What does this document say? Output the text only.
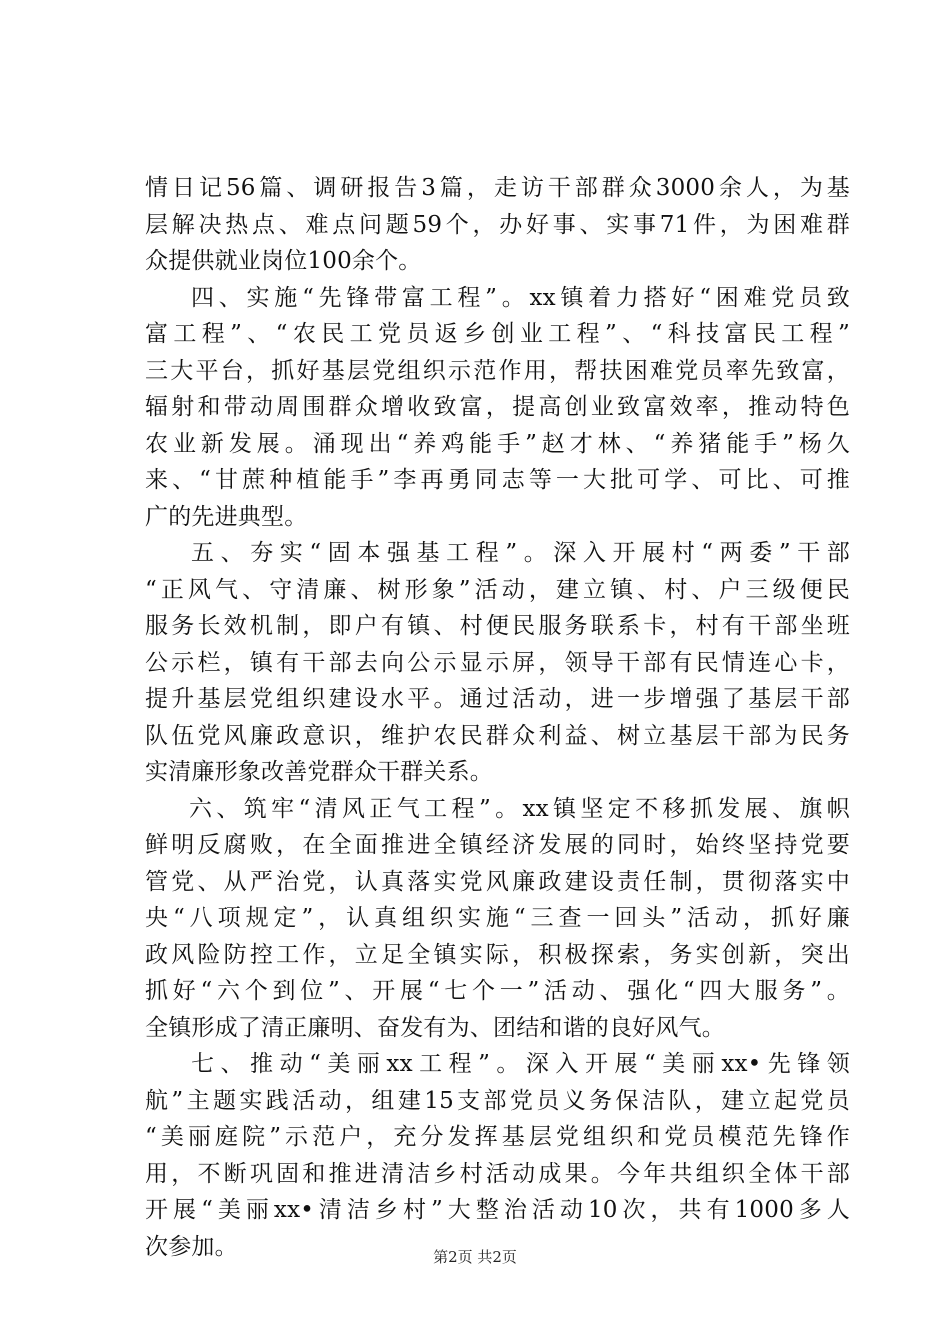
情日记56篇、调研报告3篇，走访干部群众3000余人，为基
层解决热点、难点问题59个，办好事、实事71件，为困难群
众提供就业岗位100余个。
四、实施“先锋带富工程”。xx镇着力搭好“困难党员致
富工程”、“农民工党员返乡创业工程”、“科技富民工程”
三大平台，抓好基层党组织示范作用，帮扶困难党员率先致富，
辐射和带动周围群众增收致富，提高创业致富效率，推动特色
农业新发展。涌现出“养鸡能手”赵才林、“养猪能手”杨久
来、“甘蔗种植能手”李再勇同志等一大批可学、可比、可推
广的先进典型。
五、夯实“固本强基工程”。深入开展村“两委”干部
“正风气、守清廉、树形象”活动，建立镇、村、户三级便民
服务长效机制，即户有镇、村便民服务联系卡，村有干部坐班
公示栏，镇有干部去向公示显示屏，领导干部有民情连心卡，
提升基层党组织建设水平。通过活动，进一步增强了基层干部
队伍党风廉政意识，维护农民群众利益、树立基层干部为民务
实清廉形象改善党群众干群关系。
六、筑牢“清风正气工程”。xx镇坚定不移抓发展、旗帜
鲜明反腐败，在全面推进全镇经济发展的同时，始终坚持党要
管党、从严治党，认真落实党风廉政建设责任制，贯彻落实中
央“八项规定”，认真组织实施“三查一回头”活动，抓好廉
政风险防控工作，立足全镇实际，积极探索，务实创新，突出
抓好“六个到位”、开展“七个一”活动、强化“四大服务”。
全镇形成了清正廉明、奋发有为、团结和谐的良好风气。
七、推动“美丽xx工程”。深入开展“美丽xx•先锋领
航”主题实践活动，组建15支部党员义务保洁队，建立起党员
“美丽庭院”示范户，充分发挥基层党组织和党员模范先锋作
用，不断巩固和推进清洁乡村活动成果。今年共组织全体干部
开展“美丽xx•清洁乡村”大整治活动10次，共有1000多人
次参加。	第2页 共2页
